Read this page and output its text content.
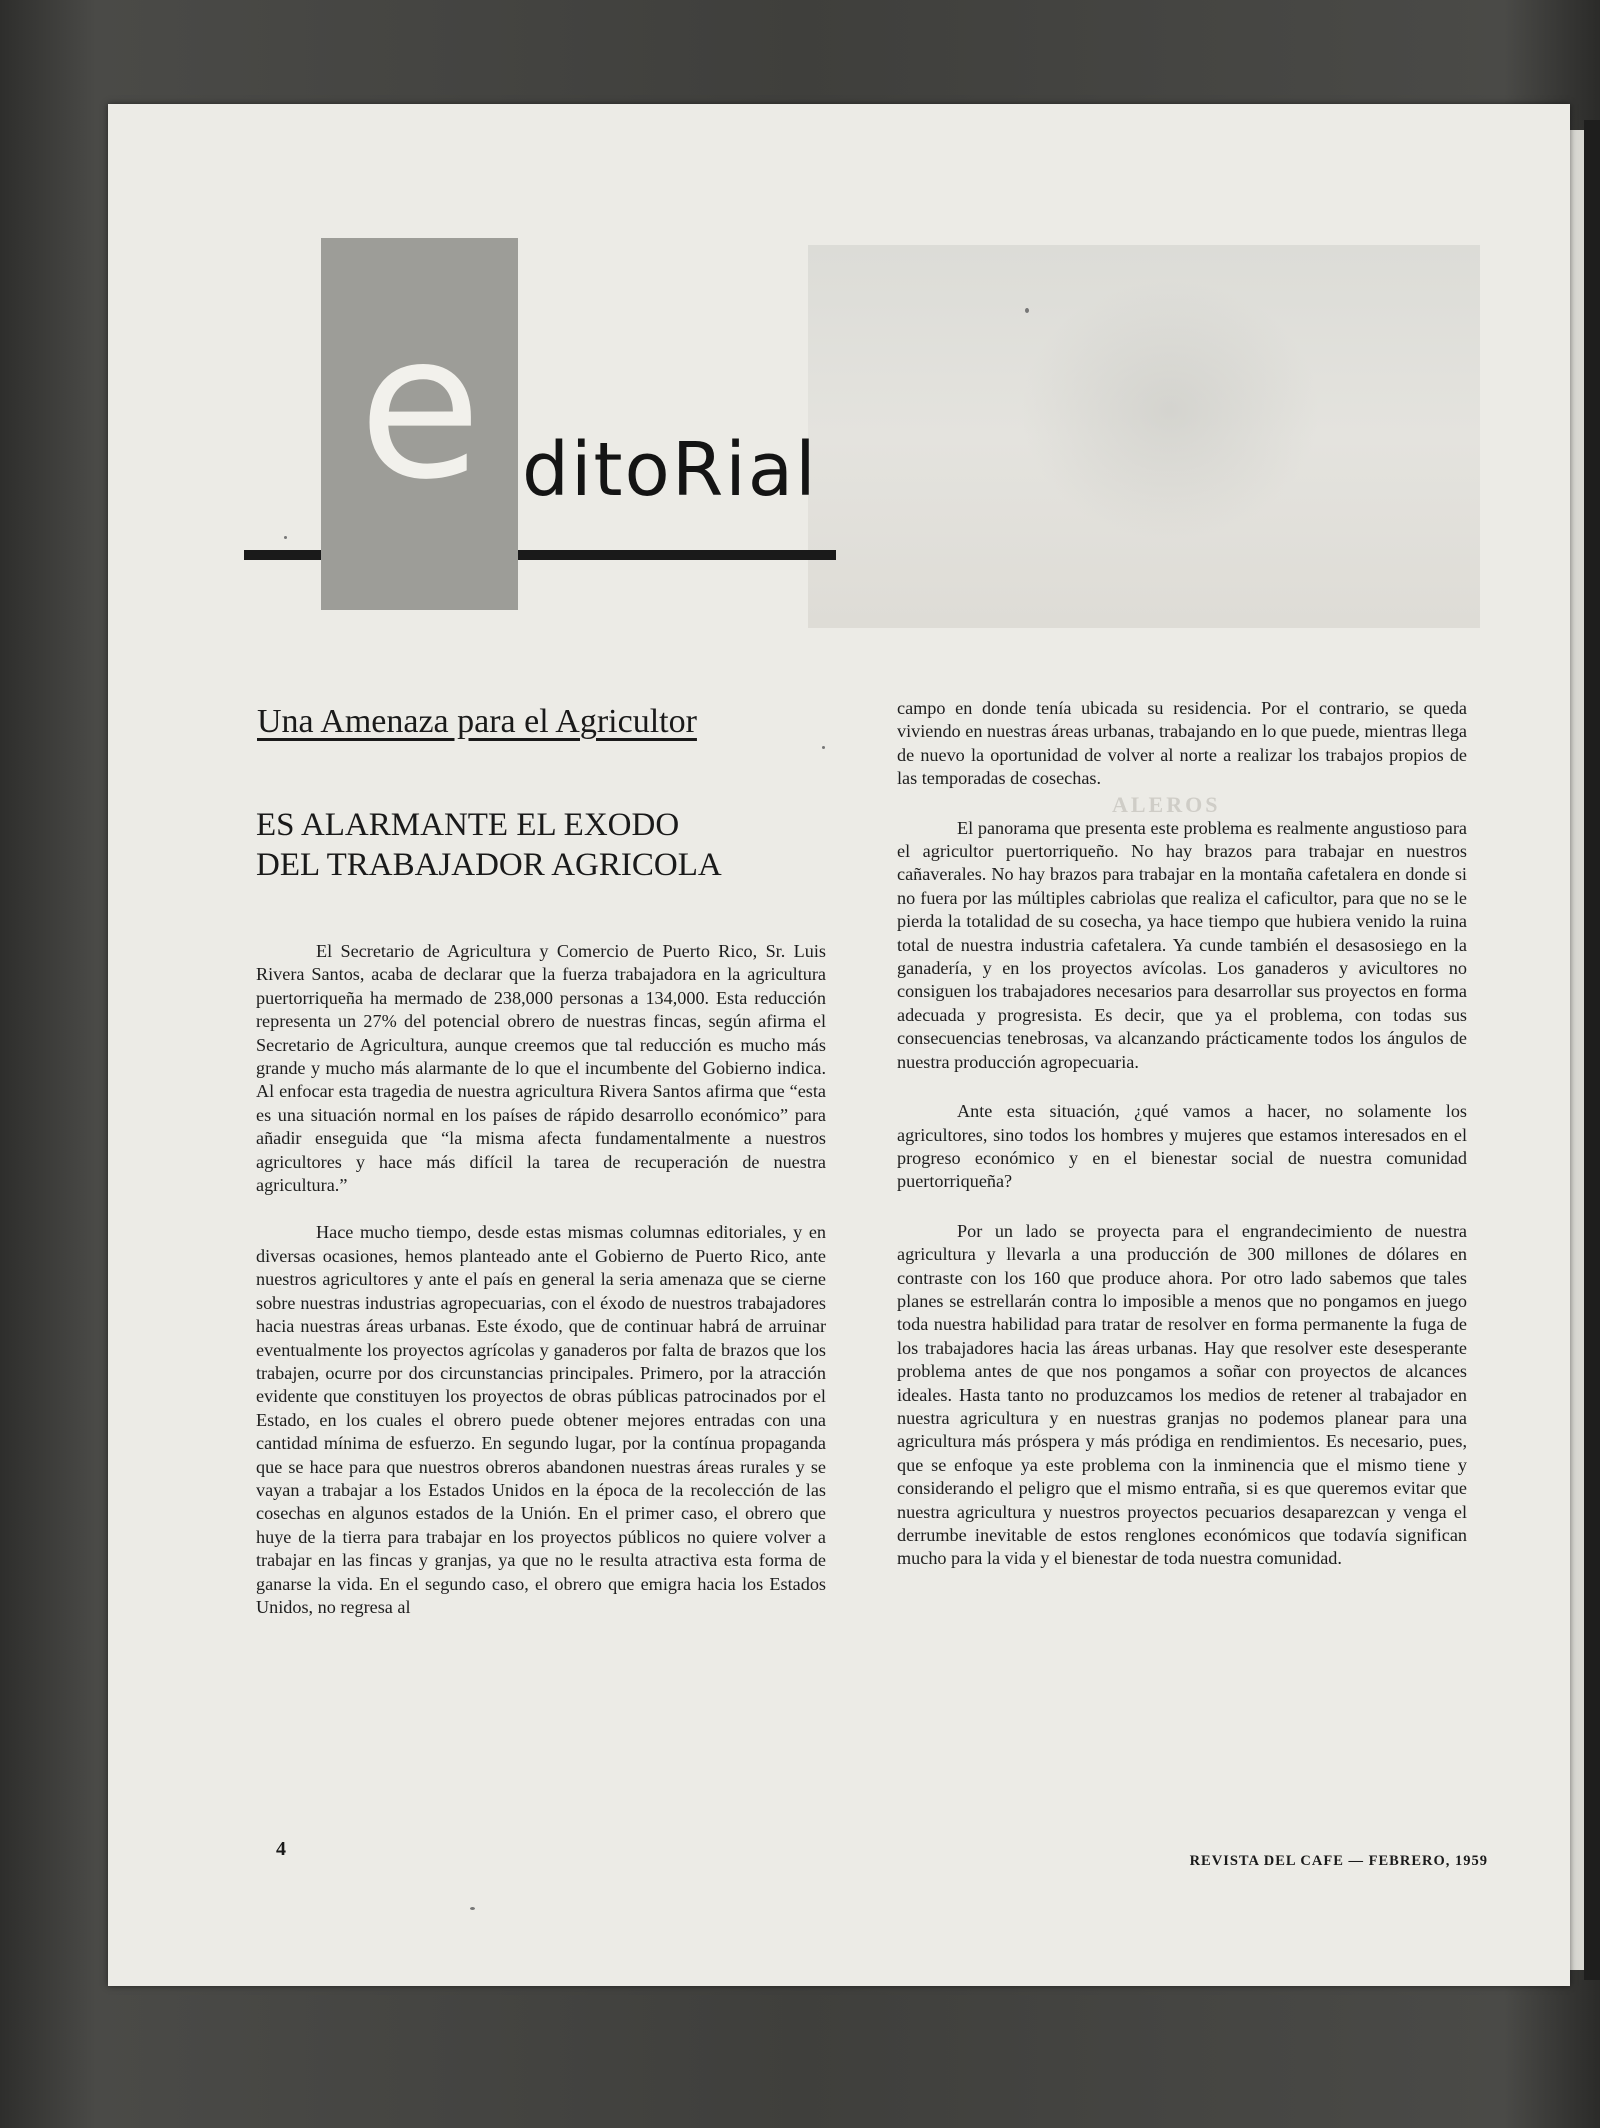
ALEROS
e ditoRial
Una Amenaza para el Agricultor
ES ALARMANTE EL EXODO
DEL TRABAJADOR AGRICOLA

El Secretario de Agricultura y Comercio de Puerto Rico, Sr. Luis Rivera Santos, acaba de declarar que la fuerza trabajadora en la agricultura puertorriqueña ha mermado de 238,000 personas a 134,000. Esta reducción representa un 27% del potencial obrero de nuestras fincas, según afirma el Secretario de Agricultura, aunque creemos que tal reducción es mucho más grande y mucho más alarmante de lo que el incumbente del Gobierno indica. Al enfocar esta tragedia de nuestra agricultura Rivera Santos afirma que “esta es una situación normal en los países de rápido desarrollo económico” para añadir enseguida que “la misma afecta fundamentalmente a nuestros agricultores y hace más difícil la tarea de recuperación de nuestra agricultura.”

Hace mucho tiempo, desde estas mismas columnas editoriales, y en diversas ocasiones, hemos planteado ante el Gobierno de Puerto Rico, ante nuestros agricultores y ante el país en general la seria amenaza que se cierne sobre nuestras industrias agropecuarias, con el éxodo de nuestros trabajadores hacia nuestras áreas urbanas. Este éxodo, que de continuar habrá de arruinar eventualmente los proyectos agrícolas y ganaderos por falta de brazos que los trabajen, ocurre por dos circunstancias principales. Primero, por la atracción evidente que constituyen los proyectos de obras públicas patrocinados por el Estado, en los cuales el obrero puede obtener mejores entradas con una cantidad mínima de esfuerzo. En segundo lugar, por la contínua propaganda que se hace para que nuestros obreros abandonen nuestras áreas rurales y se vayan a trabajar a los Estados Unidos en la época de la recolección de las cosechas en algunos estados de la Unión. En el primer caso, el obrero que huye de la tierra para trabajar en los proyectos públicos no quiere volver a trabajar en las fincas y granjas, ya que no le resulta atractiva esta forma de ganarse la vida. En el segundo caso, el obrero que emigra hacia los Estados Unidos, no regresa al

campo en donde tenía ubicada su residencia. Por el contrario, se queda viviendo en nuestras áreas urbanas, trabajando en lo que puede, mientras llega de nuevo la oportunidad de volver al norte a realizar los trabajos propios de las temporadas de cosechas.

El panorama que presenta este problema es realmente angustioso para el agricultor puertorriqueño. No hay brazos para trabajar en nuestros cañaverales. No hay brazos para trabajar en la montaña cafetalera en donde si no fuera por las múltiples cabriolas que realiza el caficultor, para que no se le pierda la totalidad de su cosecha, ya hace tiempo que hubiera venido la ruina total de nuestra industria cafetalera. Ya cunde también el desasosiego en la ganadería, y en los proyectos avícolas. Los ganaderos y avicultores no consiguen los trabajadores necesarios para desarrollar sus proyectos en forma adecuada y progresista. Es decir, que ya el problema, con todas sus consecuencias tenebrosas, va alcanzando prácticamente todos los ángulos de nuestra producción agropecuaria.

Ante esta situación, ¿qué vamos a hacer, no solamente los agricultores, sino todos los hombres y mujeres que estamos interesados en el progreso económico y en el bienestar social de nuestra comunidad puertorriqueña?

Por un lado se proyecta para el engrandecimiento de nuestra agricultura y llevarla a una producción de 300 millones de dólares en contraste con los 160 que produce ahora. Por otro lado sabemos que tales planes se estrellarán contra lo imposible a menos que no pongamos en juego toda nuestra habilidad para tratar de resolver en forma permanente la fuga de los trabajadores hacia las áreas urbanas. Hay que resolver este desesperante problema antes de que nos pongamos a soñar con proyectos de alcances ideales. Hasta tanto no produzcamos los medios de retener al trabajador en nuestra agricultura y en nuestras granjas no podemos planear para una agricultura más próspera y más pródiga en rendimientos. Es necesario, pues, que se enfoque ya este problema con la inminencia que el mismo tiene y considerando el peligro que el mismo entraña, si es que queremos evitar que nuestra agricultura y nuestros proyectos pecuarios desaparezcan y venga el derrumbe inevitable de estos renglones económicos que todavía significan mucho para la vida y el bienestar de toda nuestra comunidad.

4
REVISTA DEL CAFE — FEBRERO, 1959
